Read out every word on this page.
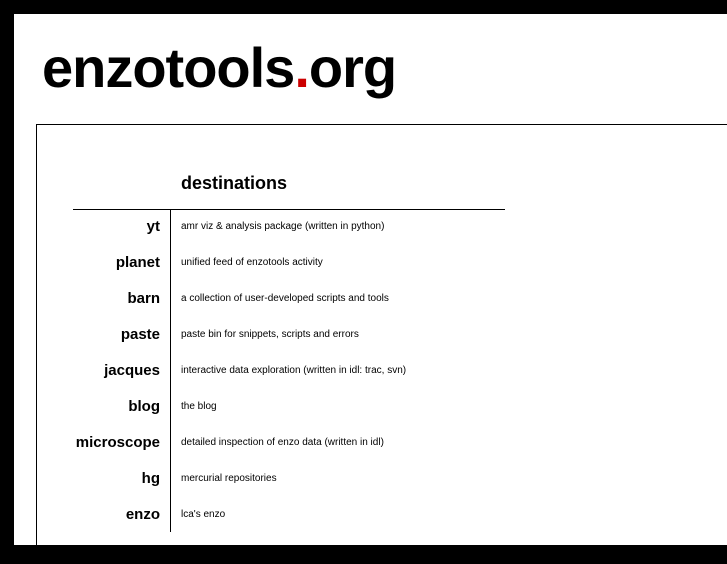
enzotools.org
destinations
yt amr viz & analysis package (written in python)
planet unified feed of enzotools activity
barn a collection of user-developed scripts and tools
paste paste bin for snippets, scripts and errors
jacques interactive data exploration (written in idl: trac, svn)
blog the blog
microscope detailed inspection of enzo data (written in idl)
hg mercurial repositories
enzo lca's enzo
